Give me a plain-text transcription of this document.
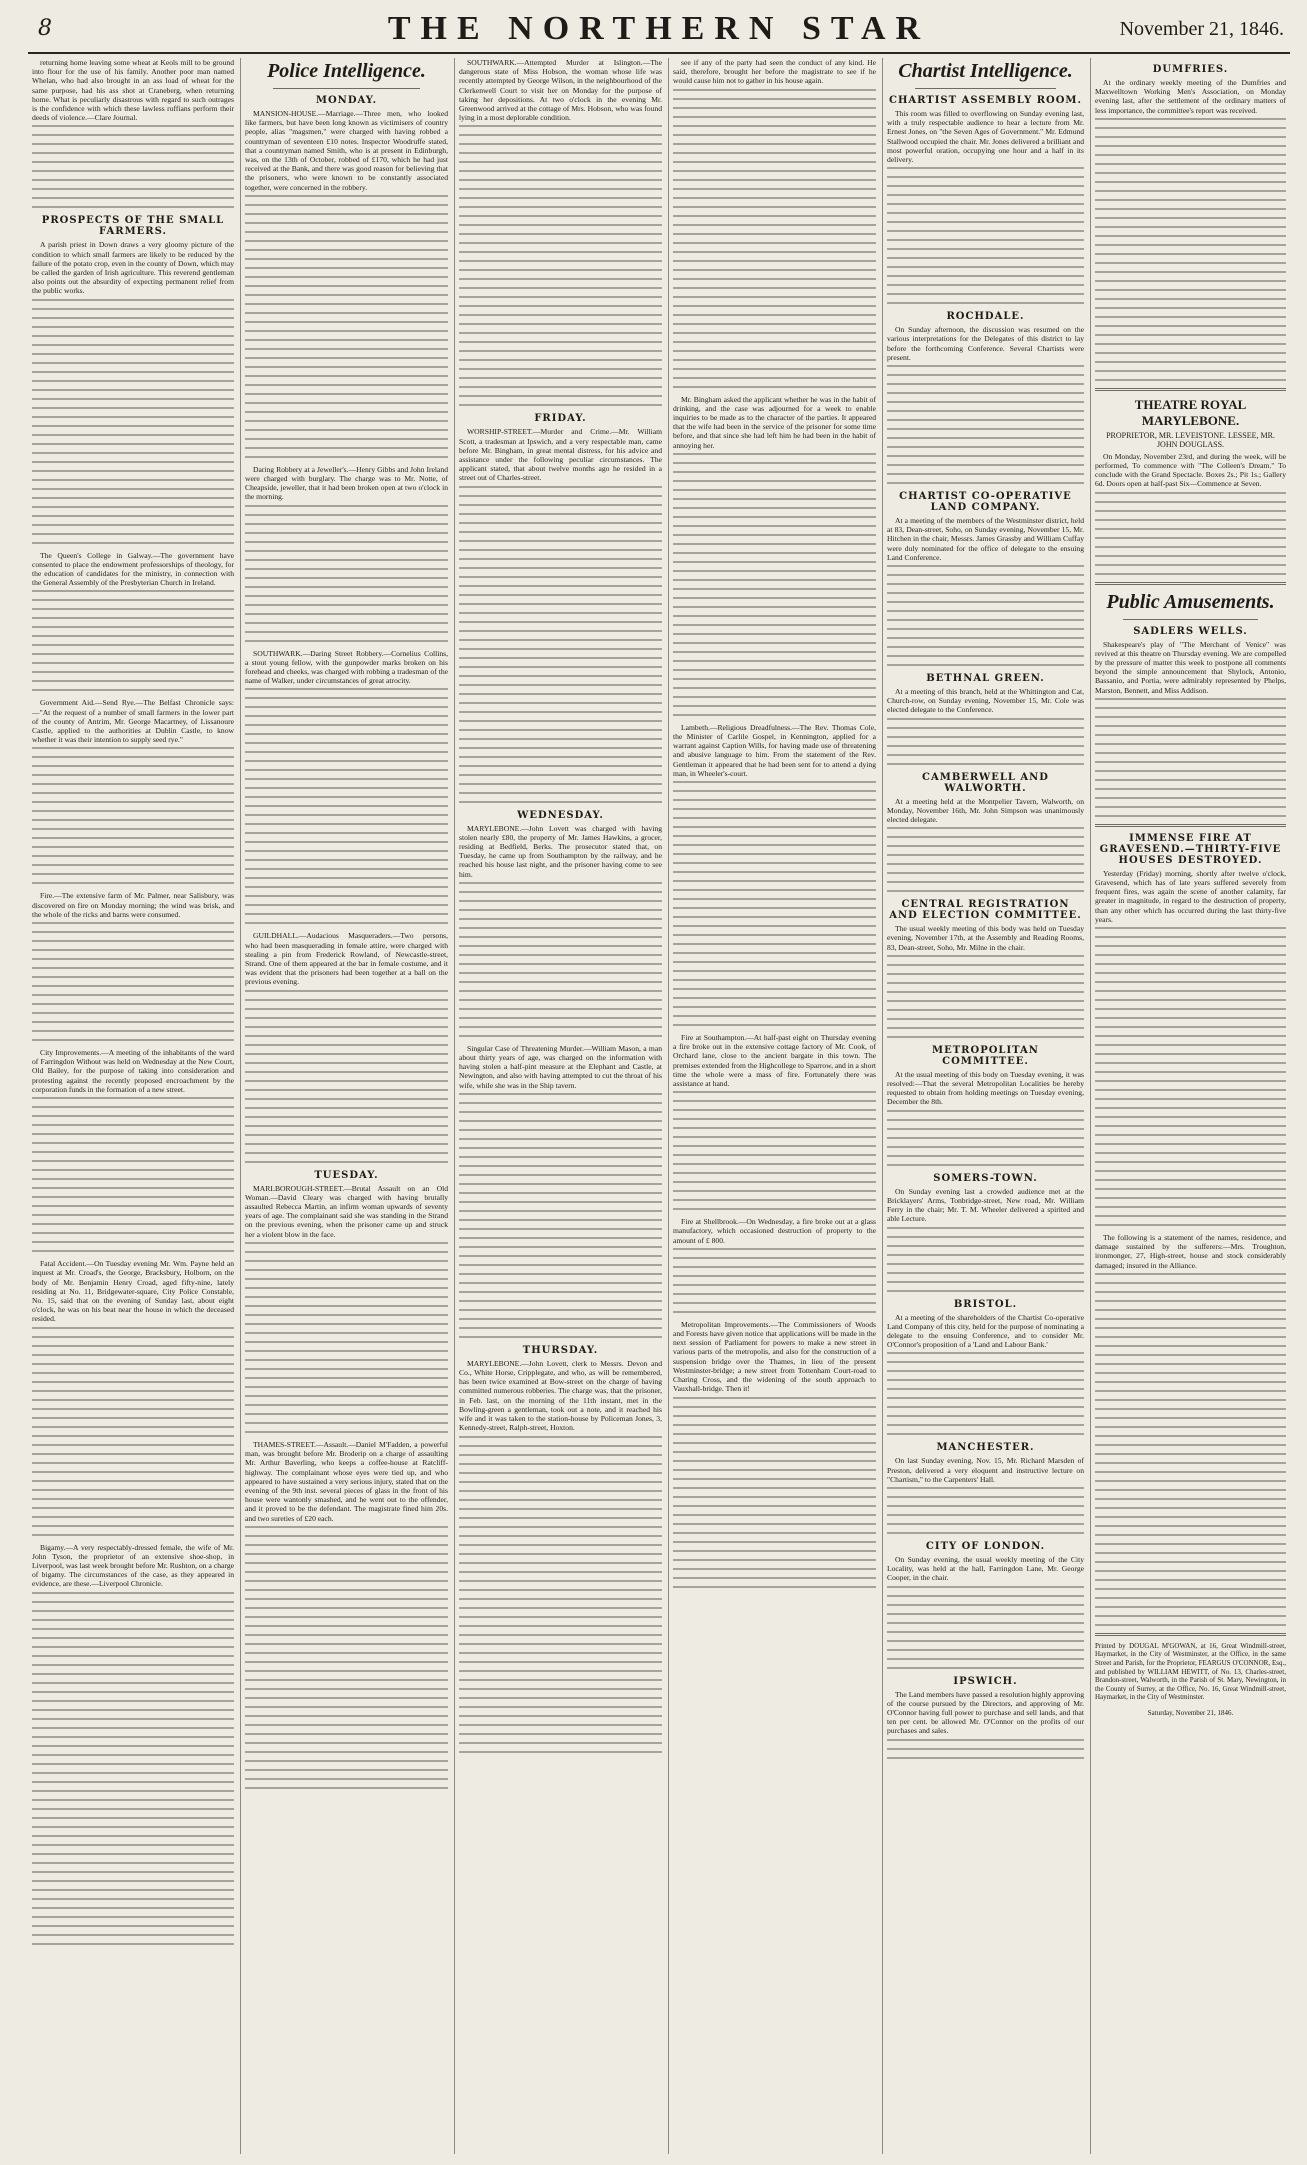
8	THE NORTHERN STAR	November 21, 1846.

returning home leaving some wheat at Keols mill to be ground into flour for the use of his family. Another poor man named Whelan, who had also brought in an ass load of wheat for the same purpose, had his ass shot at Craneberg, when returning home. What is peculiarly disastrous with regard to such outrages is the confidence with which these lawless ruffians perform their deeds of violence.—Clare Journal.

PROSPECTS OF THE SMALL FARMERS.

A parish priest in Down draws a very gloomy picture of the condition to which small farmers are likely to be reduced by the failure of the potato crop, even in the county of Down, which may be called the garden of Irish agriculture. This reverend gentleman also points out the absurdity of expecting permanent relief from the public works.

The Queen's College in Galway.—The government have consented to place the endowment professorships of theology, for the education of candidates for the ministry, in connection with the General Assembly of the Presbyterian Church in Ireland.

Government Aid.—Send Rye.—The Belfast Chronicle says:—"At the request of a number of small farmers in the lower part of the county of Antrim, Mr. George Macartney, of Lissanoure Castle, applied to the authorities at Dublin Castle, to know whether it was their intention to supply seed rye."

Fire.—The extensive farm of Mr. Palmer, near Salisbury, was discovered on fire on Monday morning; the wind was brisk, and the whole of the ricks and barns were consumed.

City Improvements.—A meeting of the inhabitants of the ward of Farringdon Without was held on Wednesday at the New Court, Old Bailey, for the purpose of taking into consideration and protesting against the recently proposed encroachment by the corporation funds in the formation of a new street.

Fatal Accident.—On Tuesday evening Mr. Wm. Payne held an inquest at Mr. Croad's, the George, Bracksbury, Holborn, on the body of Mr. Benjamin Henry Croad, aged fifty-nine, lately residing at No. 11, Bridgewater-square, City Police Constable, No. 15, said that on the evening of Sunday last, about eight o'clock, he was on his beat near the house in which the deceased resided.

Bigamy.—A very respectably-dressed female, the wife of Mr. John Tyson, the proprietor of an extensive shoe-shop, in Liverpool, was last week brought before Mr. Rushton, on a charge of bigamy. The circumstances of the case, as they appeared in evidence, are these.—Liverpool Chronicle.

Police Intelligence.
MONDAY.

MANSION-HOUSE.—Marriage.—Three men, who looked like farmers, but have been long known as victimisers of country people, alias "magsmen," were charged with having robbed a countryman of seventeen £10 notes. Inspector Woodruffe stated, that a countryman named Smith, who is at present in Edinburgh, was, on the 13th of October, robbed of £170, which he had just received at the Bank, and there was good reason for believing that the prisoners, who were known to be constantly associated together, were concerned in the robbery.

Daring Robbery at a Jeweller's.—Henry Gibbs and John Ireland were charged with burglary. The charge was to Mr. Notte, of Cheapside, jeweller, that it had been broken open at two o'clock in the morning.

SOUTHWARK.—Daring Street Robbery.—Cornelius Collins, a stout young fellow, with the gunpowder marks broken on his forehead and cheeks, was charged with robbing a tradesman of the name of Walker, under circumstances of great atrocity.

GUILDHALL.—Audacious Masqueraders.—Two persons, who had been masquerading in female attire, were charged with stealing a pin from Frederick Rowland, of Newcastle-street, Strand. One of them appeared at the bar in female costume, and it was evident that the prisoners had been together at a ball on the previous evening.

TUESDAY.

MARLBOROUGH-STREET.—Brutal Assault on an Old Woman.—David Cleary was charged with having brutally assaulted Rebecca Martin, an infirm woman upwards of seventy years of age. The complainant said she was standing in the Strand on the previous evening, when the prisoner came up and struck her a violent blow in the face.

THAMES-STREET.—Assault.—Daniel M'Fadden, a powerful man, was brought before Mr. Broderip on a charge of assaulting Mr. Arthur Baverling, who keeps a coffee-house at Ratcliff-highway. The complainant whose eyes were tied up, and who appeared to have sustained a very serious injury, stated that on the evening of the 9th inst. several pieces of glass in the front of his house were wantonly smashed, and he went out to the offender, and it proved to be the defendant. The magistrate fined him 20s. and two sureties of £20 each.

SOUTHWARK.—Attempted Murder at Islington.—The dangerous state of Miss Hobson, the woman whose life was recently attempted by George Wilson, in the neighbourhood of the Clerkenwell Court to visit her on Monday for the purpose of taking her depositions. At two o'clock in the evening Mr. Greenwood arrived at the cottage of Mrs. Hobson, who was found lying in a most deplorable condition.

FRIDAY.

WORSHIP-STREET.—Murder and Crime.—Mr. William Scott, a tradesman at Ipswich, and a very respectable man, came before Mr. Bingham, in great mental distress, for his advice and assistance under the following peculiar circumstances. The applicant stated, that about twelve months ago he resided in a street out of Charles-street.

WEDNESDAY.

MARYLEBONE.—John Lovett was charged with having stolen nearly £80, the property of Mr. James Hawkins, a grocer, residing at Bedfield, Berks. The prosecutor stated that, on Tuesday, he came up from Southampton by the railway, and he reached his house last night, and the prisoner having come to see him.

Singular Case of Threatening Murder.—William Mason, a man about thirty years of age, was charged on the information with having stolen a half-pint measure at the Elephant and Castle, at Newington, and also with having attempted to cut the throat of his wife, while she was in the Ship tavern.

THURSDAY.

MARYLEBONE.—John Lovett, clerk to Messrs. Devon and Co., White Horse, Cripplegate, and who, as will be remembered, has been twice examined at Bow-street on the charge of having committed numerous robberies. The charge was, that the prisoner, in Feb. last, on the morning of the 11th instant, met in the Bowling-green a gentleman, took out a note, and it reached his wife and it was taken to the station-house by Policeman Jones, 3, Kennedy-street, Ralph-street, Hoxton.

see if any of the party had seen the conduct of any kind. He said, therefore, brought her before the magistrate to see if he would cause him not to gather in his house again.

Mr. Bingham asked the applicant whether he was in the habit of drinking, and the case was adjourned for a week to enable inquiries to be made as to the character of the parties. It appeared that the wife had been in the service of the prisoner for some time before, and that since she had left him he had been in the habit of annoying her.

Lambeth.—Religious Dreadfulness.—The Rev. Thomas Cole, the Minister of Carlile Gospel, in Kennington, applied for a warrant against Caption Wills, for having made use of threatening and abusive language to him. From the statement of the Rev. Gentleman it appeared that he had been sent for to attend a dying man, in Wheeler's-court.

Fire at Southampton.—At half-past eight on Thursday evening a fire broke out in the extensive cottage factory of Mr. Cook, of Orchard lane, close to the ancient bargate in this town. The premises extended from the Highcollege to Sparrow, and in a short time the whole were a mass of fire. Fortunately there was assistance at hand.

Fire at Shellbrook.—On Wednesday, a fire broke out at a glass manufactory, which occasioned destruction of property to the amount of £ 800.

Metropolitan Improvements.—The Commissioners of Woods and Forests have given notice that applications will be made in the next session of Parliament for powers to make a new street in various parts of the metropolis, and also for the construction of a suspension bridge over the Thames, in lieu of the present Westminster-bridge; a new street from Tottenham Court-road to Charing Cross, and the widening of the south approach to Vauxhall-bridge. Then it!

Chartist Intelligence.
CHARTIST ASSEMBLY ROOM.

This room was filled to overflowing on Sunday evening last, with a truly respectable audience to hear a lecture from Mr. Ernest Jones, on "the Seven Ages of Government." Mr. Edmund Stallwood occupied the chair. Mr. Jones delivered a brilliant and most powerful oration, occupying one hour and a half in its delivery.

ROCHDALE.

On Sunday afternoon, the discussion was resumed on the various interpretations for the Delegates of this district to lay before the forthcoming Conference. Several Chartists were present.

CHARTIST CO-OPERATIVE LAND COMPANY.

At a meeting of the members of the Westminster district, held at 83, Dean-street, Soho, on Sunday evening, November 15, Mr. Hitchen in the chair, Messrs. James Grassby and William Cuffay were duly nominated for the office of delegate to the ensuing Land Conference.

BETHNAL GREEN.

At a meeting of this branch, held at the Whittington and Cat, Church-row, on Sunday evening, November 15, Mr. Cole was elected delegate to the Conference.

CAMBERWELL AND WALWORTH.

At a meeting held at the Montpelier Tavern, Walworth, on Monday, November 16th, Mr. John Simpson was unanimously elected delegate.

CENTRAL REGISTRATION AND ELECTION COMMITTEE.

The usual weekly meeting of this body was held on Tuesday evening, November 17th, at the Assembly and Reading Rooms, 83, Dean-street, Soho, Mr. Milne in the chair.

METROPOLITAN COMMITTEE.

At the usual meeting of this body on Tuesday evening, it was resolved:—That the several Metropolitan Localities be hereby requested to obtain from holding meetings on Tuesday evening, December the 8th.

SOMERS-TOWN.

On Sunday evening last a crowded audience met at the Bricklayers' Arms, Tonbridge-street, New road, Mr. William Ferry in the chair; Mr. T. M. Wheeler delivered a spirited and able Lecture.

BRISTOL.

At a meeting of the shareholders of the Chartist Co-operative Land Company of this city, held for the purpose of nominating a delegate to the ensuing Conference, and to consider Mr. O'Connor's proposition of a 'Land and Labour Bank.'

MANCHESTER.

On last Sunday evening, Nov. 15, Mr. Richard Marsden of Preston, delivered a very eloquent and instructive lecture on "Chartism," to the Carpenters' Hall.

CITY OF LONDON.

On Sunday evening, the usual weekly meeting of the City Locality, was held at the hall, Farringdon Lane, Mr. George Cooper, in the chair.

IPSWICH.

The Land members have passed a resolution highly approving of the course pursued by the Directors, and approving of Mr. O'Connor having full power to purchase and sell lands, and that ten per cent. be allowed Mr. O'Connor on the profits of our purchases and sales.

DUMFRIES.

At the ordinary weekly meeting of the Dumfries and Maxwelltown Working Men's Association, on Monday evening last, after the settlement of the ordinary matters of less importance, the committee's report was received.

THEATRE ROYAL MARYLEBONE.
PROPRIETOR, MR. LEVEISTONE. LESSEE, MR. JOHN DOUGLASS.

On Monday, November 23rd, and during the week, will be performed, To commence with "The Colleen's Dream." To conclude with the Grand Spectacle. Boxes 2s.; Pit 1s.; Gallery 6d. Doors open at half-past Six—Commence at Seven.

Public Amusements.
SADLERS WELLS.

Shakespeare's play of "The Merchant of Venice" was revived at this theatre on Thursday evening. We are compelled by the pressure of matter this week to postpone all comments beyond the simple announcement that Shylock, Antonio, Bassanio, and Portia, were admirably represented by Phelps, Marston, Bennett, and Miss Addison.

IMMENSE FIRE AT GRAVESEND.—THIRTY-FIVE HOUSES DESTROYED.

Yesterday (Friday) morning, shortly after twelve o'clock, Gravesend, which has of late years suffered severely from frequent fires, was again the scene of another calamity, far greater in magnitude, in regard to the destruction of property, than any other which has occurred during the last thirty-five years.

The following is a statement of the names, residence, and damage sustained by the sufferers:—Mrs. Troughton, ironmonger, 27, High-street, house and stock considerably damaged; insured in the Alliance.

Printed by DOUGAL M'GOWAN, at 16, Great Windmill-street, Haymarket, in the City of Westminster, at the Office, in the same Street and Parish, for the Proprietor, FEARGUS O'CONNOR, Esq., and published by WILLIAM HEWITT, of No. 13, Charles-street, Brandon-street, Walworth, in the Parish of St. Mary, Newington, in the County of Surrey, at the Office, No. 16, Great Windmill-street, Haymarket, in the City of Westminster.

Saturday, November 21, 1846.
